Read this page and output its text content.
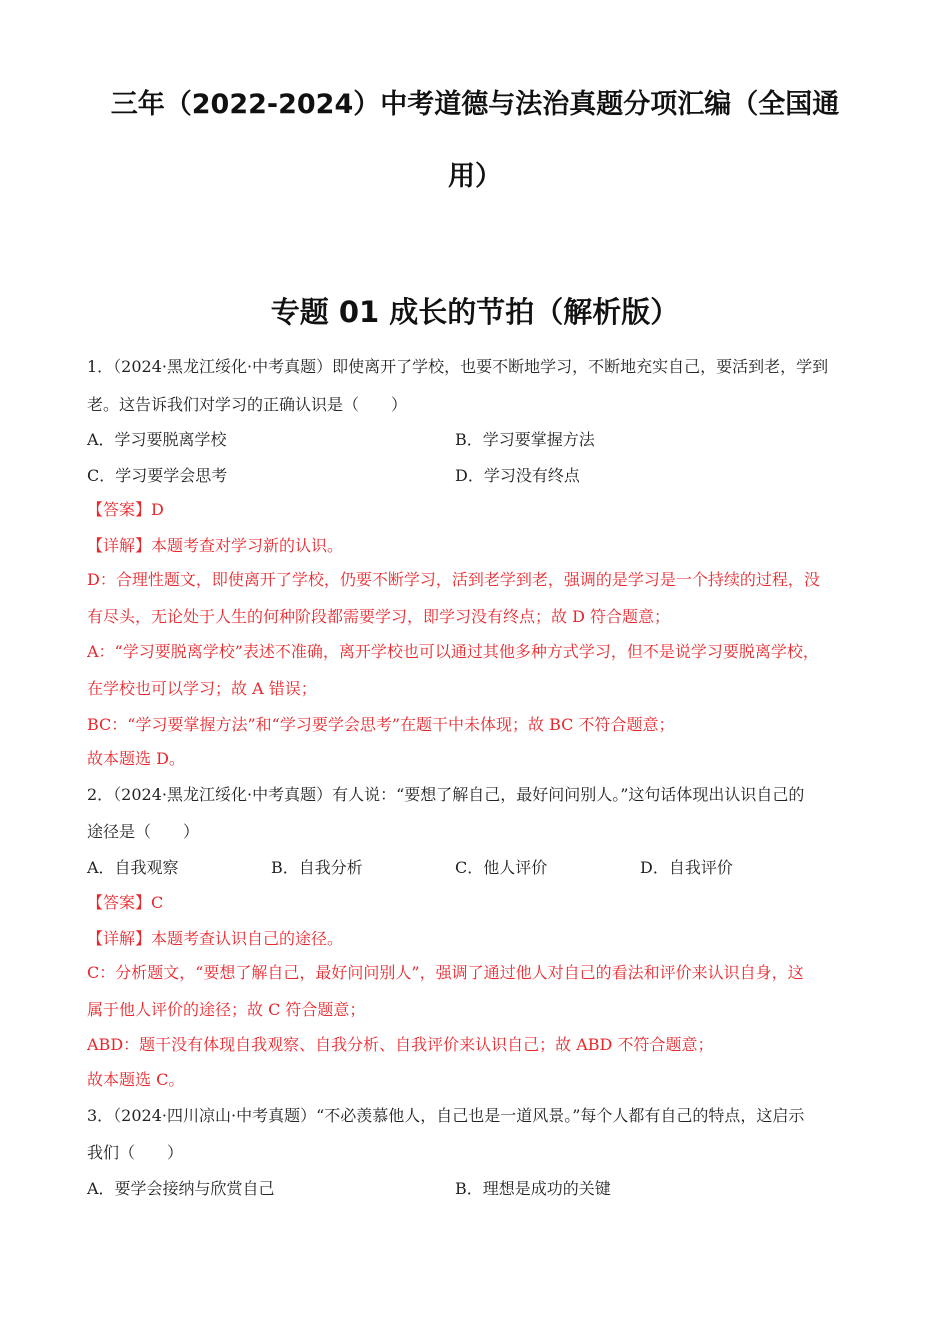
三年（2022-2024）中考道德与法治真题分项汇编（全国通
用）
专题 01 成长的节拍（解析版）
1．（2024·黑龙江绥化·中考真题）即使离开了学校，也要不断地学习，不断地充实自己，要活到老，学到
老。这告诉我们对学习的正确认识是（　　）
A．学习要脱离学校	B．学习要掌握方法
C．学习要学会思考	D．学习没有终点
【答案】D
【详解】本题考查对学习新的认识。
D：合理性题文，即使离开了学校，仍要不断学习，活到老学到老，强调的是学习是一个持续的过程，没
有尽头，无论处于人生的何种阶段都需要学习，即学习没有终点；故 D 符合题意；
A：“学习要脱离学校”表述不准确，离开学校也可以通过其他多种方式学习，但不是说学习要脱离学校，
在学校也可以学习；故 A 错误；
BC：“学习要掌握方法”和“学习要学会思考”在题干中未体现；故 BC 不符合题意；
故本题选 D。
2．（2024·黑龙江绥化·中考真题）有人说：“要想了解自己，最好问问别人。”这句话体现出认识自己的
途径是（　　）
A．自我观察	B．自我分析	C．他人评价	D．自我评价
【答案】C
【详解】本题考查认识自己的途径。
C：分析题文，“要想了解自己，最好问问别人”，强调了通过他人对自己的看法和评价来认识自身，这
属于他人评价的途径；故 C 符合题意；
ABD：题干没有体现自我观察、自我分析、自我评价来认识自己；故 ABD 不符合题意；
故本题选 C。
3．（2024·四川凉山·中考真题）“不必羡慕他人，自己也是一道风景。”每个人都有自己的特点，这启示
我们（　　）
A．要学会接纳与欣赏自己	B．理想是成功的关键
